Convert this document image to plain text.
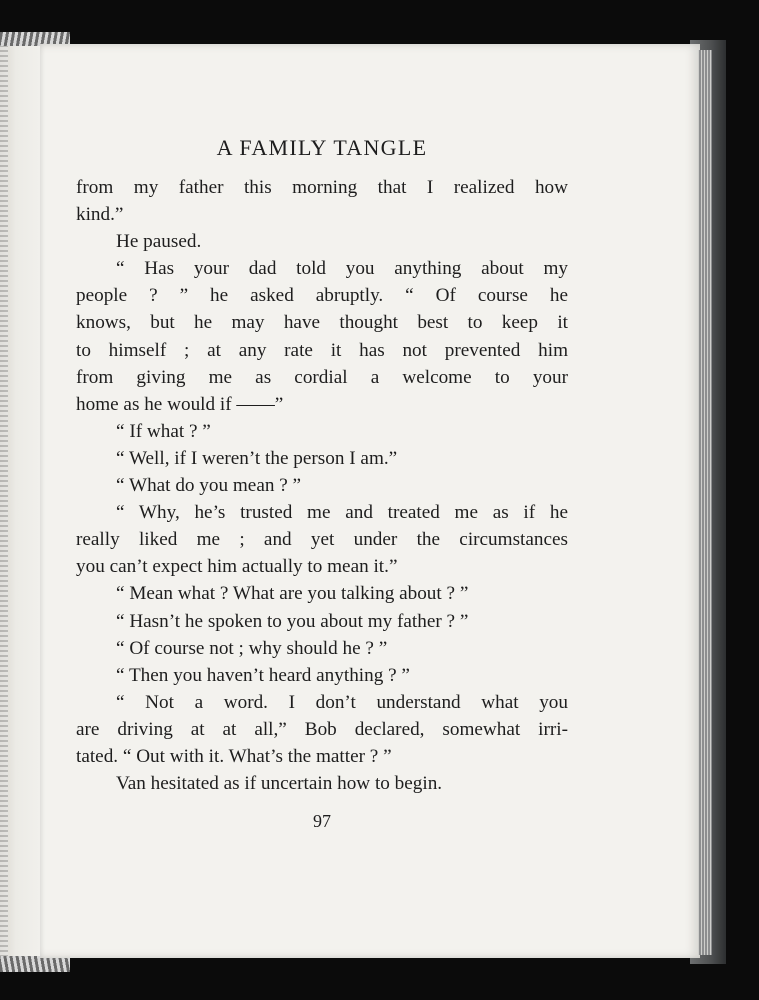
A FAMILY TANGLE
from my father this morning that I realized how
kind.”
He paused.
“ Has your dad told you anything about my
people ? ” he asked abruptly. “ Of course he
knows, but he may have thought best to keep it
to himself ; at any rate it has not prevented him
from giving me as cordial a welcome to your
home as he would if ——”
“ If what ? ”
“ Well, if I weren’t the person I am.”
“ What do you mean ? ”
“ Why, he’s trusted me and treated me as if he
really liked me ; and yet under the circumstances
you can’t expect him actually to mean it.”
“ Mean what ? What are you talking about ? ”
“ Hasn’t he spoken to you about my father ? ”
“ Of course not ; why should he ? ”
“ Then you haven’t heard anything ? ”
“ Not a word. I don’t understand what you
are driving at at all,” Bob declared, somewhat irri-
tated. “ Out with it. What’s the matter ? ”
Van hesitated as if uncertain how to begin.
97
